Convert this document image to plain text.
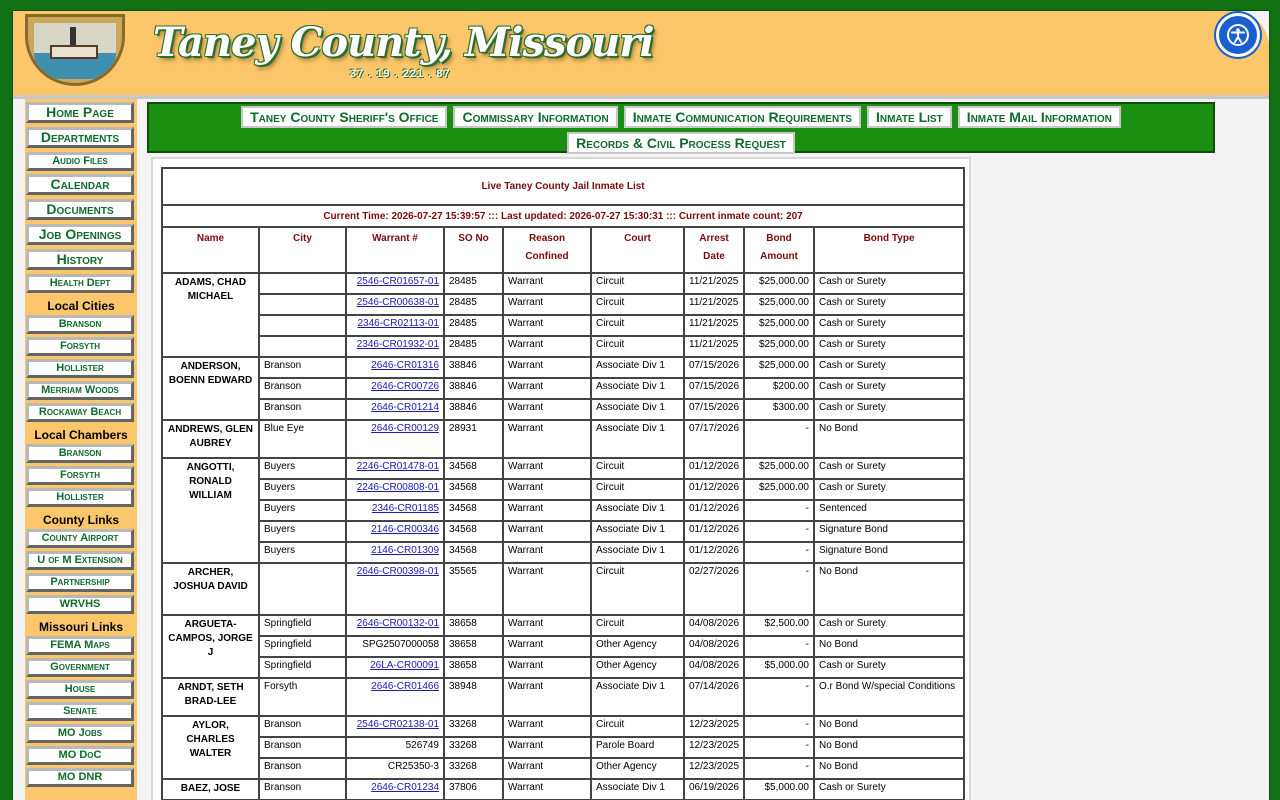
Taney County, Missouri
37 . 19 . 221 . 87
Home Page
Departments
Audio Files
Calendar
Documents
Job Openings
History
Health Dept
Local Cities
Branson
Forsyth
Hollister
Merriam Woods
Rockaway Beach
Local Chambers
Branson
Forsyth
Hollister
County Links
County Airport
U of M Extension
Partnership
WRVHS
Missouri Links
FEMA Maps
Government
House
Senate
MO Jobs
MO DoC
MO DNR
Taney County Sheriff's Office	Commissary Information	Inmate Communication Requirements	Inmate List	Inmate Mail Information
Records & Civil Process Request
Live Taney County Jail Inmate List								
Current Time: 2026-07-27 15:39:57 ::: Last updated: 2026-07-27 15:30:31 ::: Current inmate count: 207								
Name	City	Warrant #	SO No	Reason Confined	Court	Arrest Date	Bond Amount	Bond Type
ADAMS, CHAD MICHAEL		2546-CR01657-01	28485	Warrant	Circuit	11/21/2025	$25,000.00	Cash or Surety
		2546-CR00638-01	28485	Warrant	Circuit	11/21/2025	$25,000.00	Cash or Surety
		2346-CR02113-01	28485	Warrant	Circuit	11/21/2025	$25,000.00	Cash or Surety
		2346-CR01932-01	28485	Warrant	Circuit	11/21/2025	$25,000.00	Cash or Surety
ANDERSON, BOENN EDWARD	Branson	2646-CR01316	38846	Warrant	Associate Div 1	07/15/2026	$25,000.00	Cash or Surety
	Branson	2646-CR00726	38846	Warrant	Associate Div 1	07/15/2026	$200.00	Cash or Surety
	Branson	2646-CR01214	38846	Warrant	Associate Div 1	07/15/2026	$300.00	Cash or Surety
ANDREWS, GLEN AUBREY	Blue Eye	2646-CR00129	28931	Warrant	Associate Div 1	07/17/2026	-	No Bond
ANGOTTI, RONALD WILLIAM	Buyers	2246-CR01478-01	34568	Warrant	Circuit	01/12/2026	$25,000.00	Cash or Surety
	Buyers	2246-CR00808-01	34568	Warrant	Circuit	01/12/2026	$25,000.00	Cash or Surety
	Buyers	2346-CR01185	34568	Warrant	Associate Div 1	01/12/2026	-	Sentenced
	Buyers	2146-CR00346	34568	Warrant	Associate Div 1	01/12/2026	-	Signature Bond
	Buyers	2146-CR01309	34568	Warrant	Associate Div 1	01/12/2026	-	Signature Bond
ARCHER, JOSHUA DAVID		2646-CR00398-01	35565	Warrant	Circuit	02/27/2026	-	No Bond
ARGUETA-CAMPOS, JORGE J	Springfield	2646-CR00132-01	38658	Warrant	Circuit	04/08/2026	$2,500.00	Cash or Surety
	Springfield	SPG2507000058	38658	Warrant	Other Agency	04/08/2026	-	No Bond
	Springfield	26LA-CR00091	38658	Warrant	Other Agency	04/08/2026	$5,000.00	Cash or Surety
ARNDT, SETH BRAD-LEE	Forsyth	2646-CR01466	38948	Warrant	Associate Div 1	07/14/2026	-	O.r Bond W/special Conditions
AYLOR, CHARLES WALTER	Branson	2546-CR02138-01	33268	Warrant	Circuit	12/23/2025	-	No Bond
	Branson	526749	33268	Warrant	Parole Board	12/23/2025	-	No Bond
	Branson	CR25350-3	33268	Warrant	Other Agency	12/23/2025	-	No Bond
BAEZ, JOSE	Branson	2646-CR01234	37806	Warrant	Associate Div 1	06/19/2026	$5,000.00	Cash or Surety
